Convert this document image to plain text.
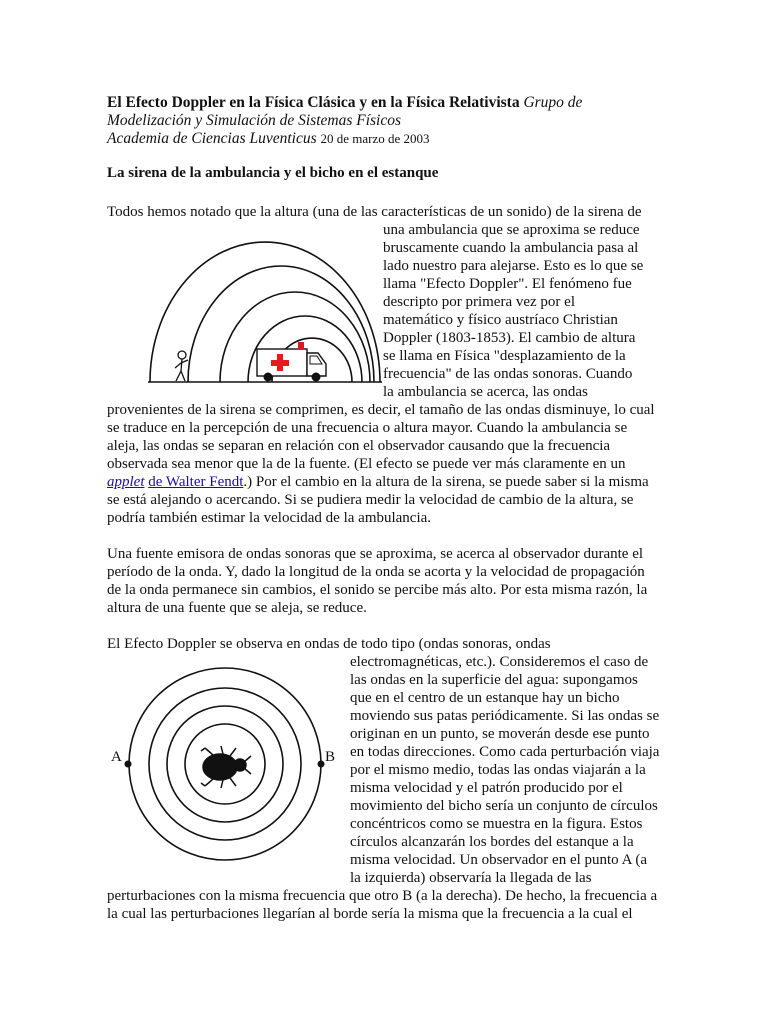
El Efecto Doppler en la Física Clásica y en la Física Relativista Grupo de
Modelización y Simulación de Sistemas Físicos
Academia de Ciencias Luventicus 20 de marzo de 2003
La sirena de la ambulancia y el bicho en el estanque
Todos hemos notado que la altura (una de las características de un sonido) de la sirena de
una ambulancia que se aproxima se reduce
bruscamente cuando la ambulancia pasa al
lado nuestro para alejarse. Esto es lo que se
llama "Efecto Doppler". El fenómeno fue
descripto por primera vez por el
matemático y físico austríaco Christian
Doppler (1803-1853). El cambio de altura
se llama en Física "desplazamiento de la
frecuencia" de las ondas sonoras. Cuando
la ambulancia se acerca, las ondas
provenientes de la sirena se comprimen, es decir, el tamaño de las ondas disminuye, lo cual
se traduce en la percepción de una frecuencia o altura mayor. Cuando la ambulancia se
aleja, las ondas se separan en relación con el observador causando que la frecuencia
observada sea menor que la de la fuente. (El efecto se puede ver más claramente en un
applet de Walter Fendt.) Por el cambio en la altura de la sirena, se puede saber si la misma
se está alejando o acercando. Si se pudiera medir la velocidad de cambio de la altura, se
podría también estimar la velocidad de la ambulancia.
Una fuente emisora de ondas sonoras que se aproxima, se acerca al observador durante el
período de la onda. Y, dado la longitud de la onda se acorta y la velocidad de propagación
de la onda permanece sin cambios, el sonido se percibe más alto. Por esta misma razón, la
altura de una fuente que se aleja, se reduce.
El Efecto Doppler se observa en ondas de todo tipo (ondas sonoras, ondas
electromagnéticas, etc.). Consideremos el caso de
las ondas en la superficie del agua: supongamos
que en el centro de un estanque hay un bicho
moviendo sus patas periódicamente. Si las ondas se
originan en un punto, se moverán desde ese punto
en todas direcciones. Como cada perturbación viaja
por el mismo medio, todas las ondas viajarán a la
misma velocidad y el patrón producido por el
movimiento del bicho sería un conjunto de círculos
concéntricos como se muestra en la figura. Estos
círculos alcanzarán los bordes del estanque a la
misma velocidad. Un observador en el punto A (a
la izquierda) observaría la llegada de las
perturbaciones con la misma frecuencia que otro B (a la derecha). De hecho, la frecuencia a
la cual las perturbaciones llegarían al borde sería la misma que la frecuencia a la cual el
A	B
